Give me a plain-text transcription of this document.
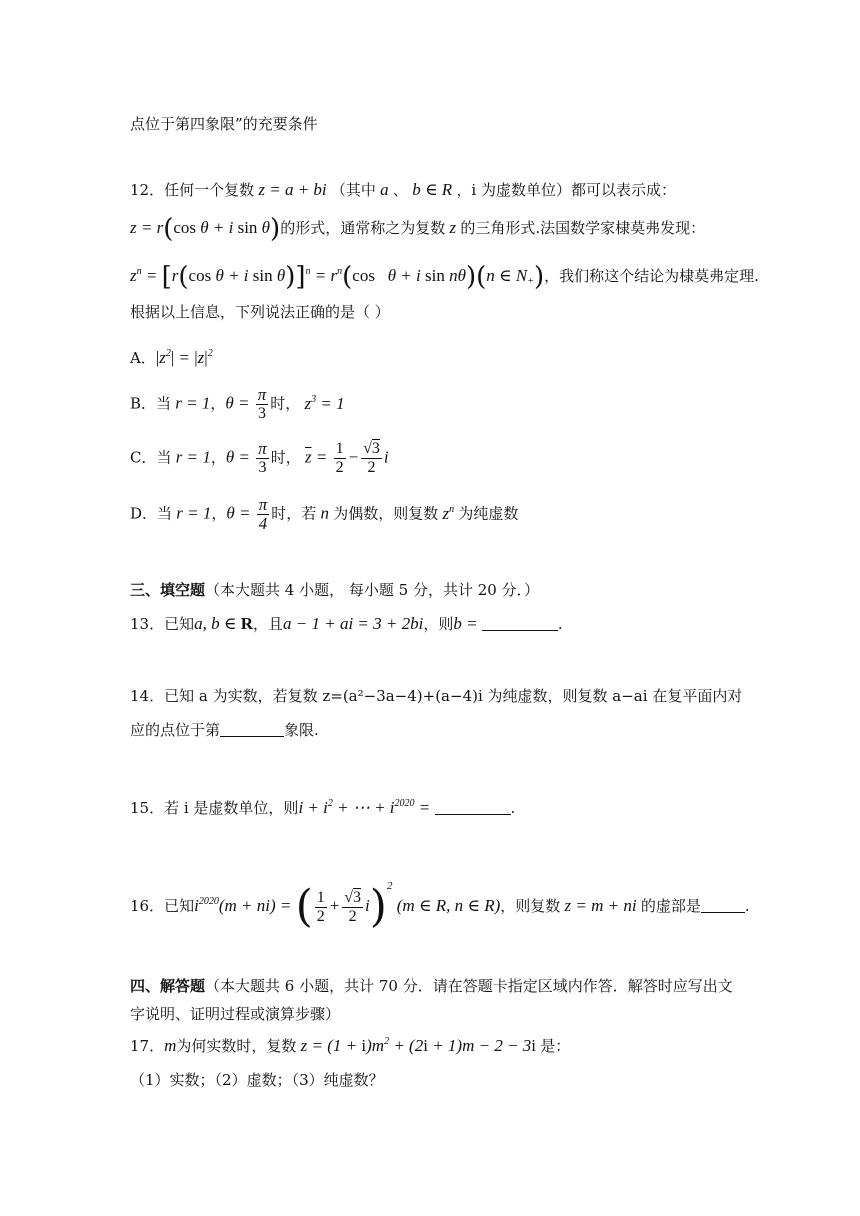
点位于第四象限”的充要条件
12．任何一个复数 z = a + bi （其中 a 、 b ∈ R ，i 为虚数单位）都可以表示成：
z = r(cos θ + i sin θ)的形式，通常称之为复数 z 的三角形式.法国数学家棣莫弗发现：
$z^n = [r(\cos$ θ + i $\sin \theta)]^n = r^n(\cos$   θ + i sin nθ)(n ∈ $N_+$)，我们称这个结论为棣莫弗定理.
根据以上信息，下列说法正确的是（ ）
A．$|z^2| = |z|^2$
B．当 r = 1，$\theta = \frac{\pi}{3}$ 时， $z^3 = 1$
C．当 r = 1，$\theta = \frac{\pi}{3}$ 时， $\overline{z} = \frac{1}{2} - \frac{√3}{2}$ i
D．当 r = 1，$\theta = \frac{\pi}{4}$ 时，若 n 为偶数，则复数 $z^n$ 为纯虚数
三、填空题（本大题共 4 小题， 每小题 5 分，共计 20 分．）
13．已知a, b ∈ R，且a − 1 + ai = 3 + 2bi，则b =	.
14．已知 a 为实数，若复数 z=(a²−3a−4)+(a−4)i 为纯虚数，则复数 a−ai 在复平面内对
应的点位于第	象限.
15．若 i 是虚数单位，则$i + i^2$ + ⋯ + $i^{2020}$ =	.
16．已知$i^{2020}(m + ni)$ = ( $\frac{1}{2} + \frac{√3}{2} i)^2$ (m ∈ R, n ∈ R)，则复数 z = m + ni 的虚部是	.
四、解答题（本大题共 6 小题，共计 70 分．请在答题卡指定区域内作答．解答时应写出文
字说明、证明过程或演算步骤）
17．m为何实数时，复数 $z = (1 + i)m^2 + (2i + 1)m - 2 - 3i$ 是：
（1）实数；（2）虚数；（3）纯虚数？
